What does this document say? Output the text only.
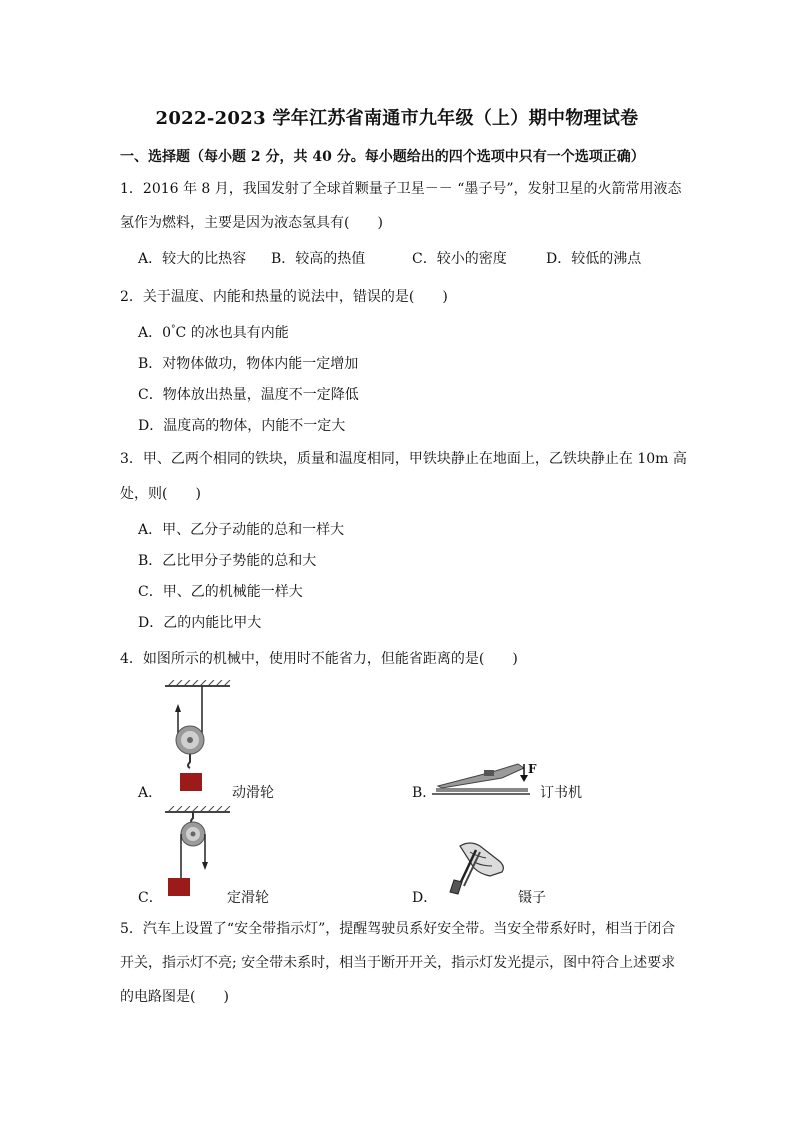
2022-2023 学年江苏省南通市九年级（上）期中物理试卷
一、选择题（每小题 2 分，共 40 分。每小题给出的四个选项中只有一个选项正确）
1．2016 年 8 月，我国发射了全球首颗量子卫星－－ “墨子号”，发射卫星的火箭常用液态
氢作为燃料，主要是因为液态氢具有(　　)
A．较大的比热容 B．较高的热值	C．较小的密度	D．较低的沸点
2．关于温度、内能和热量的说法中，错误的是(　　)
A．0°C 的冰也具有内能
B．对物体做功，物体内能一定增加
C．物体放出热量，温度不一定降低
D．温度高的物体，内能不一定大
3．甲、乙两个相同的铁块，质量和温度相同，甲铁块静止在地面上，乙铁块静止在 10m 高
处，则(　　)
A．甲、乙分子动能的总和一样大
B．乙比甲分子势能的总和大
C．甲、乙的机械能一样大
D．乙的内能比甲大
4．如图所示的机械中，使用时不能省力，但能省距离的是(　　)
A．	动滑轮
F
B．	订书机
C．	定滑轮	D．	镊子
5．汽车上设置了“安全带指示灯”，提醒驾驶员系好安全带。当安全带系好时，相当于闭合
开关，指示灯不亮; 安全带未系时，相当于断开开关，指示灯发光提示，图中符合上述要求
的电路图是(　　)
